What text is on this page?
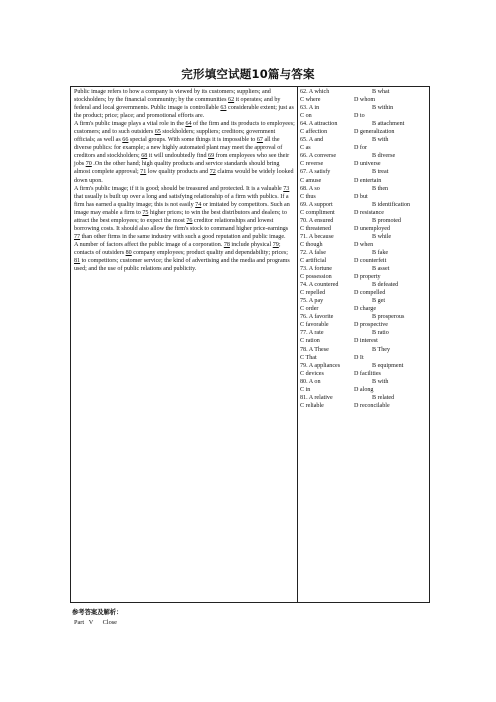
完形填空试题10篇与答案

Public image refers to how a company is viewed by its customers; suppliers; and stockholders; by the financial community; by the communities 62 it operates; and by federal and local governments. Public image is controllable 63 considerable extent; just as the product; price; place; and promotional efforts are.

A firm's public image plays a vital role in the 64 of the firm and its products to employees; customers; and to such outsiders 65 stockholders; suppliers; creditors; government officials; as well as 66 special groups. With some things it is impossible to 67 all the diverse publics: for example; a new highly automated plant may meet the approval of creditors and stockholders; 68 it will undoubtedly find 69 from employees who see their jobs 70 .On the other hand; high quality products and service standards should bring almost complete approval; 71 low quality products and 72 claims would be widely looked down upon.

A firm's public image; if it is good; should be treasured and protected. It is a valuable 73 that usually is built up over a long and satisfying relationship of a firm with publics. If a firm has earned a quality image; this is not easily 74 or imitated by competitors. Such an image may enable a firm to 75 higher prices; to win the best distributors and dealers; to attract the best employees; to expect the most 76 creditor relationships and lowest borrowing costs. It should also allow the firm's stock to command higher price-earnings 77 than other firms in the same industry with such a good reputation and public image.

A number of factors affect the public image of a corporation. 78 include physical 79; contacts of outsiders 80 company employees; product quality and dependability; prices; 81 to competitors; customer service; the kind of advertising and the media and programs used; and the use of public relations and publicity.

62. A which	B what
C where	D whom
63. A in	B within
C on	D to
64. A attraction	B attachment
C affection	D generalization
65. A and	B with
C as	D for
66. A converse	B diverse
C reverse	D universe
67. A satisfy	B treat
C amuse	D entertain
68. A so	B then
C thus	D but
69. A support	B identification
C compliment	D resistance
70. A ensured	B promoted
C threatened	D unemployed
71. A because	B while
C though	D when
72. A false	B fake
C artificial	D counterfeit
73. A fortune	B asset
C possession	D property
74. A countered	B defeated
C repelled	D compelled
75. A pay	B get
C order	D charge
76. A favorite	B prosperous
C favorable	D prospective
77. A rate	B ratio
C ration	D interest
78. A These	B They
C That	D It
79. A appliances	B equipment
C devices	D facilities
80. A on	B with
C in	D along
81. A relative	B related
C reliable	D reconcilable
参考答案及解析：
Part   V      Close
